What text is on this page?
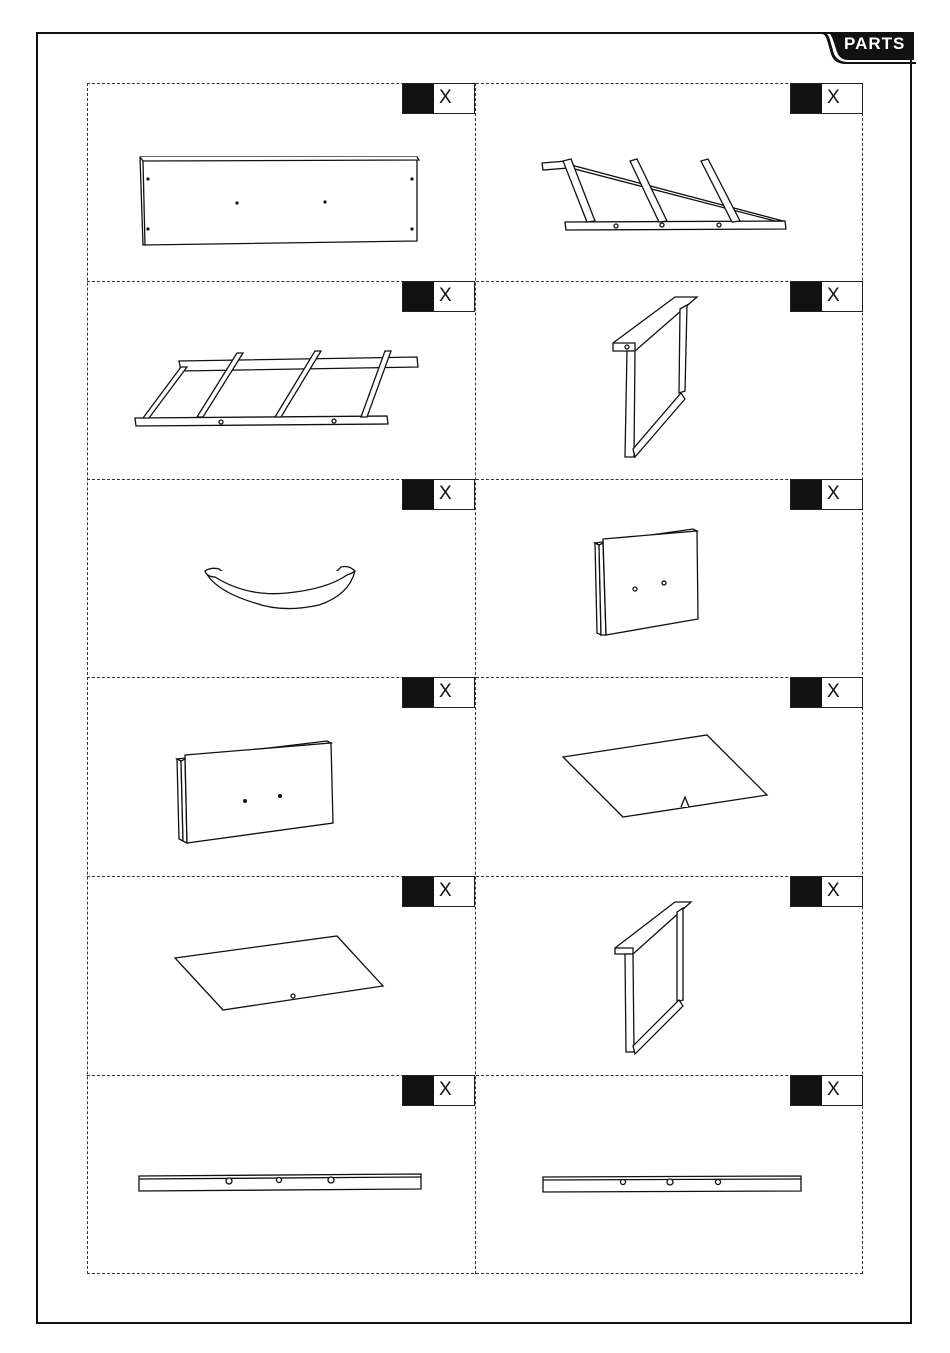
PARTS
X	X
X	X
X	X
X	X
X	X
X	X
